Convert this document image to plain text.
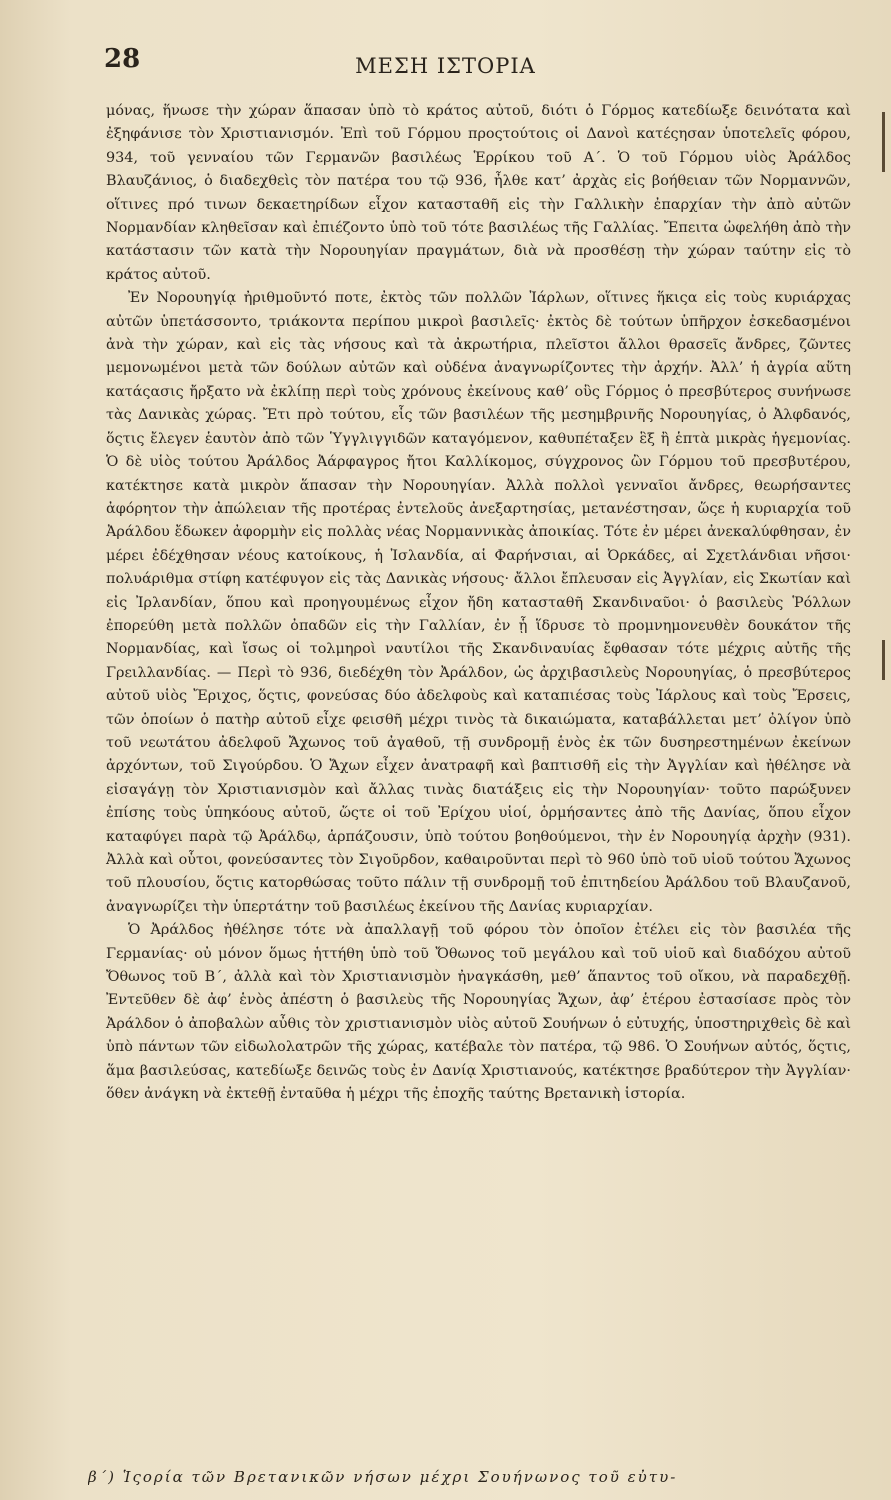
28	ΜΕΣΗ ΙΣΤΟΡΙΑ

μόνας, ἥνωσε τὴν χώραν ἅπασαν ὑπὸ τὸ κράτος αὐτοῦ, διότι ὁ Γόρμος κατεδίωξε δεινότατα καὶ ἐξηφάνισε τὸν Χριστιανισμόν. Ἐπὶ τοῦ Γόρμου προςτούτοις οἱ Δανοὶ κατέςησαν ὑποτελεῖς φόρου, 934, τοῦ γενναίου τῶν Γερμανῶν βασιλέως Ἑρρίκου τοῦ Α΄. Ὁ τοῦ Γόρμου υἱὸς Ἀράλδος Βλαυζάνιος, ὁ διαδεχθεὶς τὸν πατέρα του τῷ 936, ἦλθε κατ’ ἀρχὰς εἰς βοήθειαν τῶν Νορμαννῶν, οἵτινες πρό τινων δεκαετηρίδων εἶχον κατασταθῆ εἰς τὴν Γαλλικὴν ἐπαρχίαν τὴν ἀπὸ αὐτῶν Νορμανδίαν κληθεῖσαν καὶ ἐπιέζοντο ὑπὸ τοῦ τότε βασιλέως τῆς Γαλλίας. Ἔπειτα ὠφελήθη ἀπὸ τὴν κατάστασιν τῶν κατὰ τὴν Νορουηγίαν πραγμάτων, διὰ νὰ προσθέσῃ τὴν χώραν ταύτην εἰς τὸ κράτος αὐτοῦ.

Ἐν Νορουηγίᾳ ἠριθμοῦντό ποτε, ἐκτὸς τῶν πολλῶν Ἰάρλων, οἵτινες ἥκιςα εἰς τοὺς κυριάρχας αὐτῶν ὑπετάσσοντο, τριάκοντα περίπου μικροὶ βασιλεῖς· ἐκτὸς δὲ τούτων ὑπῆρχον ἐσκεδασμένοι ἀνὰ τὴν χώραν, καὶ εἰς τὰς νήσους καὶ τὰ ἀκρωτήρια, πλεῖστοι ἄλλοι θρασεῖς ἄνδρες, ζῶντες μεμονωμένοι μετὰ τῶν δούλων αὐτῶν καὶ οὐδένα ἀναγνωρίζοντες τὴν ἀρχήν. Ἀλλ’ ἡ ἀγρία αὕτη κατάςασις ἤρξατο νὰ ἐκλίπῃ περὶ τοὺς χρόνους ἐκείνους καθ’ οὓς Γόρμος ὁ πρεσβύτερος συνήνωσε τὰς Δανικὰς χώρας. Ἔτι πρὸ τούτου, εἷς τῶν βασιλέων τῆς μεσημβρινῆς Νορουηγίας, ὁ Ἀλφδανός, ὅςτις ἔλεγεν ἑαυτὸν ἀπὸ τῶν Ὑγγλιγγιδῶν καταγόμενον, καθυπέταξεν ἓξ ἢ ἑπτὰ μικρὰς ἡγεμονίας. Ὁ δὲ υἱὸς τούτου Ἀράλδος Ἀάρφαγρος ἤτοι Καλλίκομος, σύγχρονος ὢν Γόρμου τοῦ πρεσβυτέρου, κατέκτησε κατὰ μικρὸν ἅπασαν τὴν Νορουηγίαν. Ἀλλὰ πολλοὶ γενναῖοι ἄνδρες, θεωρήσαντες ἀφόρητον τὴν ἀπώλειαν τῆς προτέρας ἐντελοῦς ἀνεξαρτησίας, μετανέστησαν, ὥςε ἡ κυριαρχία τοῦ Ἀράλδου ἔδωκεν ἀφορμὴν εἰς πολλὰς νέας Νορμαννικὰς ἀποικίας. Τότε ἐν μέρει ἀνεκαλύφθησαν, ἐν μέρει ἐδέχθησαν νέους κατοίκους, ἡ Ἰσλανδία, αἱ Φαρήνσιαι, αἱ Ὀρκάδες, αἱ Σχετλάνδιαι νῆσοι· πολυάριθμα στίφη κατέφυγον εἰς τὰς Δανικὰς νήσους· ἄλλοι ἔπλευσαν εἰς Ἀγγλίαν, εἰς Σκωτίαν καὶ εἰς Ἰρλανδίαν, ὅπου καὶ προηγουμένως εἶχον ἤδη κατασταθῆ Σκανδιναῦοι· ὁ βασιλεὺς Ῥόλλων ἐπορεύθη μετὰ πολλῶν ὀπαδῶν εἰς τὴν Γαλλίαν, ἐν ᾗ ἵδρυσε τὸ προμνημονευθὲν δουκάτον τῆς Νορμανδίας, καὶ ἴσως οἱ τολμηροὶ ναυτίλοι τῆς Σκανδιναυίας ἔφθασαν τότε μέχρις αὐτῆς τῆς Γρειλλανδίας. — Περὶ τὸ 936, διεδέχθη τὸν Ἀράλδον, ὡς ἀρχιβασιλεὺς Νορουηγίας, ὁ πρεσβύτερος αὐτοῦ υἱὸς Ἔριχος, ὅςτις, φονεύσας δύο ἀδελφοὺς καὶ καταπιέσας τοὺς Ἰάρλους καὶ τοὺς Ἔρσεις, τῶν ὁποίων ὁ πατὴρ αὐτοῦ εἶχε φεισθῆ μέχρι τινὸς τὰ δικαιώματα, καταβάλλεται μετ’ ὀλίγον ὑπὸ τοῦ νεωτάτου ἀδελφοῦ Ἄχωνος τοῦ ἀγαθοῦ, τῇ συνδρομῇ ἑνὸς ἐκ τῶν δυσηρεστημένων ἐκείνων ἀρχόντων, τοῦ Σιγούρδου. Ὁ Ἄχων εἶχεν ἀνατραφῆ καὶ βαπτισθῆ εἰς τὴν Ἀγγλίαν καὶ ἠθέλησε νὰ εἰσαγάγῃ τὸν Χριστιανισμὸν καὶ ἄλλας τινὰς διατάξεις εἰς τὴν Νορουηγίαν· τοῦτο παρώξυνεν ἐπίσης τοὺς ὑπηκόους αὐτοῦ, ὥςτε οἱ τοῦ Ἐρίχου υἱοί, ὁρμήσαντες ἀπὸ τῆς Δανίας, ὅπου εἶχον καταφύγει παρὰ τῷ Ἀράλδῳ, ἁρπάζουσιν, ὑπὸ τούτου βοηθούμενοι, τὴν ἐν Νορουηγίᾳ ἀρχὴν (931). Ἀλλὰ καὶ οὗτοι, φονεύσαντες τὸν Σιγοῦρδον, καθαιροῦνται περὶ τὸ 960 ὑπὸ τοῦ υἱοῦ τούτου Ἄχωνος τοῦ πλουσίου, ὅςτις κατορθώσας τοῦτο πάλιν τῇ συνδρομῇ τοῦ ἐπιτηδείου Ἀράλδου τοῦ Βλαυζανοῦ, ἀναγνωρίζει τὴν ὑπερτάτην τοῦ βασιλέως ἐκείνου τῆς Δανίας κυριαρχίαν.

Ὁ Ἀράλδος ἠθέλησε τότε νὰ ἀπαλλαγῇ τοῦ φόρου τὸν ὁποῖον ἐτέλει εἰς τὸν βασιλέα τῆς Γερμανίας· οὐ μόνον ὅμως ἡττήθη ὑπὸ τοῦ Ὄθωνος τοῦ μεγάλου καὶ τοῦ υἱοῦ καὶ διαδόχου αὐτοῦ Ὄθωνος τοῦ Β΄, ἀλλὰ καὶ τὸν Χριστιανισμὸν ἠναγκάσθη, μεθ’ ἅπαντος τοῦ οἴκου, νὰ παραδεχθῇ. Ἐντεῦθεν δὲ ἀφ’ ἑνὸς ἀπέστη ὁ βασιλεὺς τῆς Νορουηγίας Ἄχων, ἀφ’ ἑτέρου ἐστασίασε πρὸς τὸν Ἀράλδον ὁ ἀποβαλὼν αὖθις τὸν χριστιανισμὸν υἱὸς αὐτοῦ Σουήνων ὁ εὐτυχής, ὑποστηριχθεὶς δὲ καὶ ὑπὸ πάντων τῶν εἰδωλολατρῶν τῆς χώρας, κατέβαλε τὸν πατέρα, τῷ 986. Ὁ Σουήνων αὐτός, ὅςτις, ἅμα βασιλεύσας, κατεδίωξε δεινῶς τοὺς ἐν Δανίᾳ Χριστιανούς, κατέκτησε βραδύτερον τὴν Ἀγγλίαν· ὅθεν ἀνάγκη νὰ ἐκτεθῇ ἐνταῦθα ἡ μέχρι τῆς ἐποχῆς ταύτης Βρετανικὴ ἱστορία.

β΄) Ἱςορία τῶν Βρετανικῶν νήσων μέχρι Σουήνωνος τοῦ εὐτυ-
